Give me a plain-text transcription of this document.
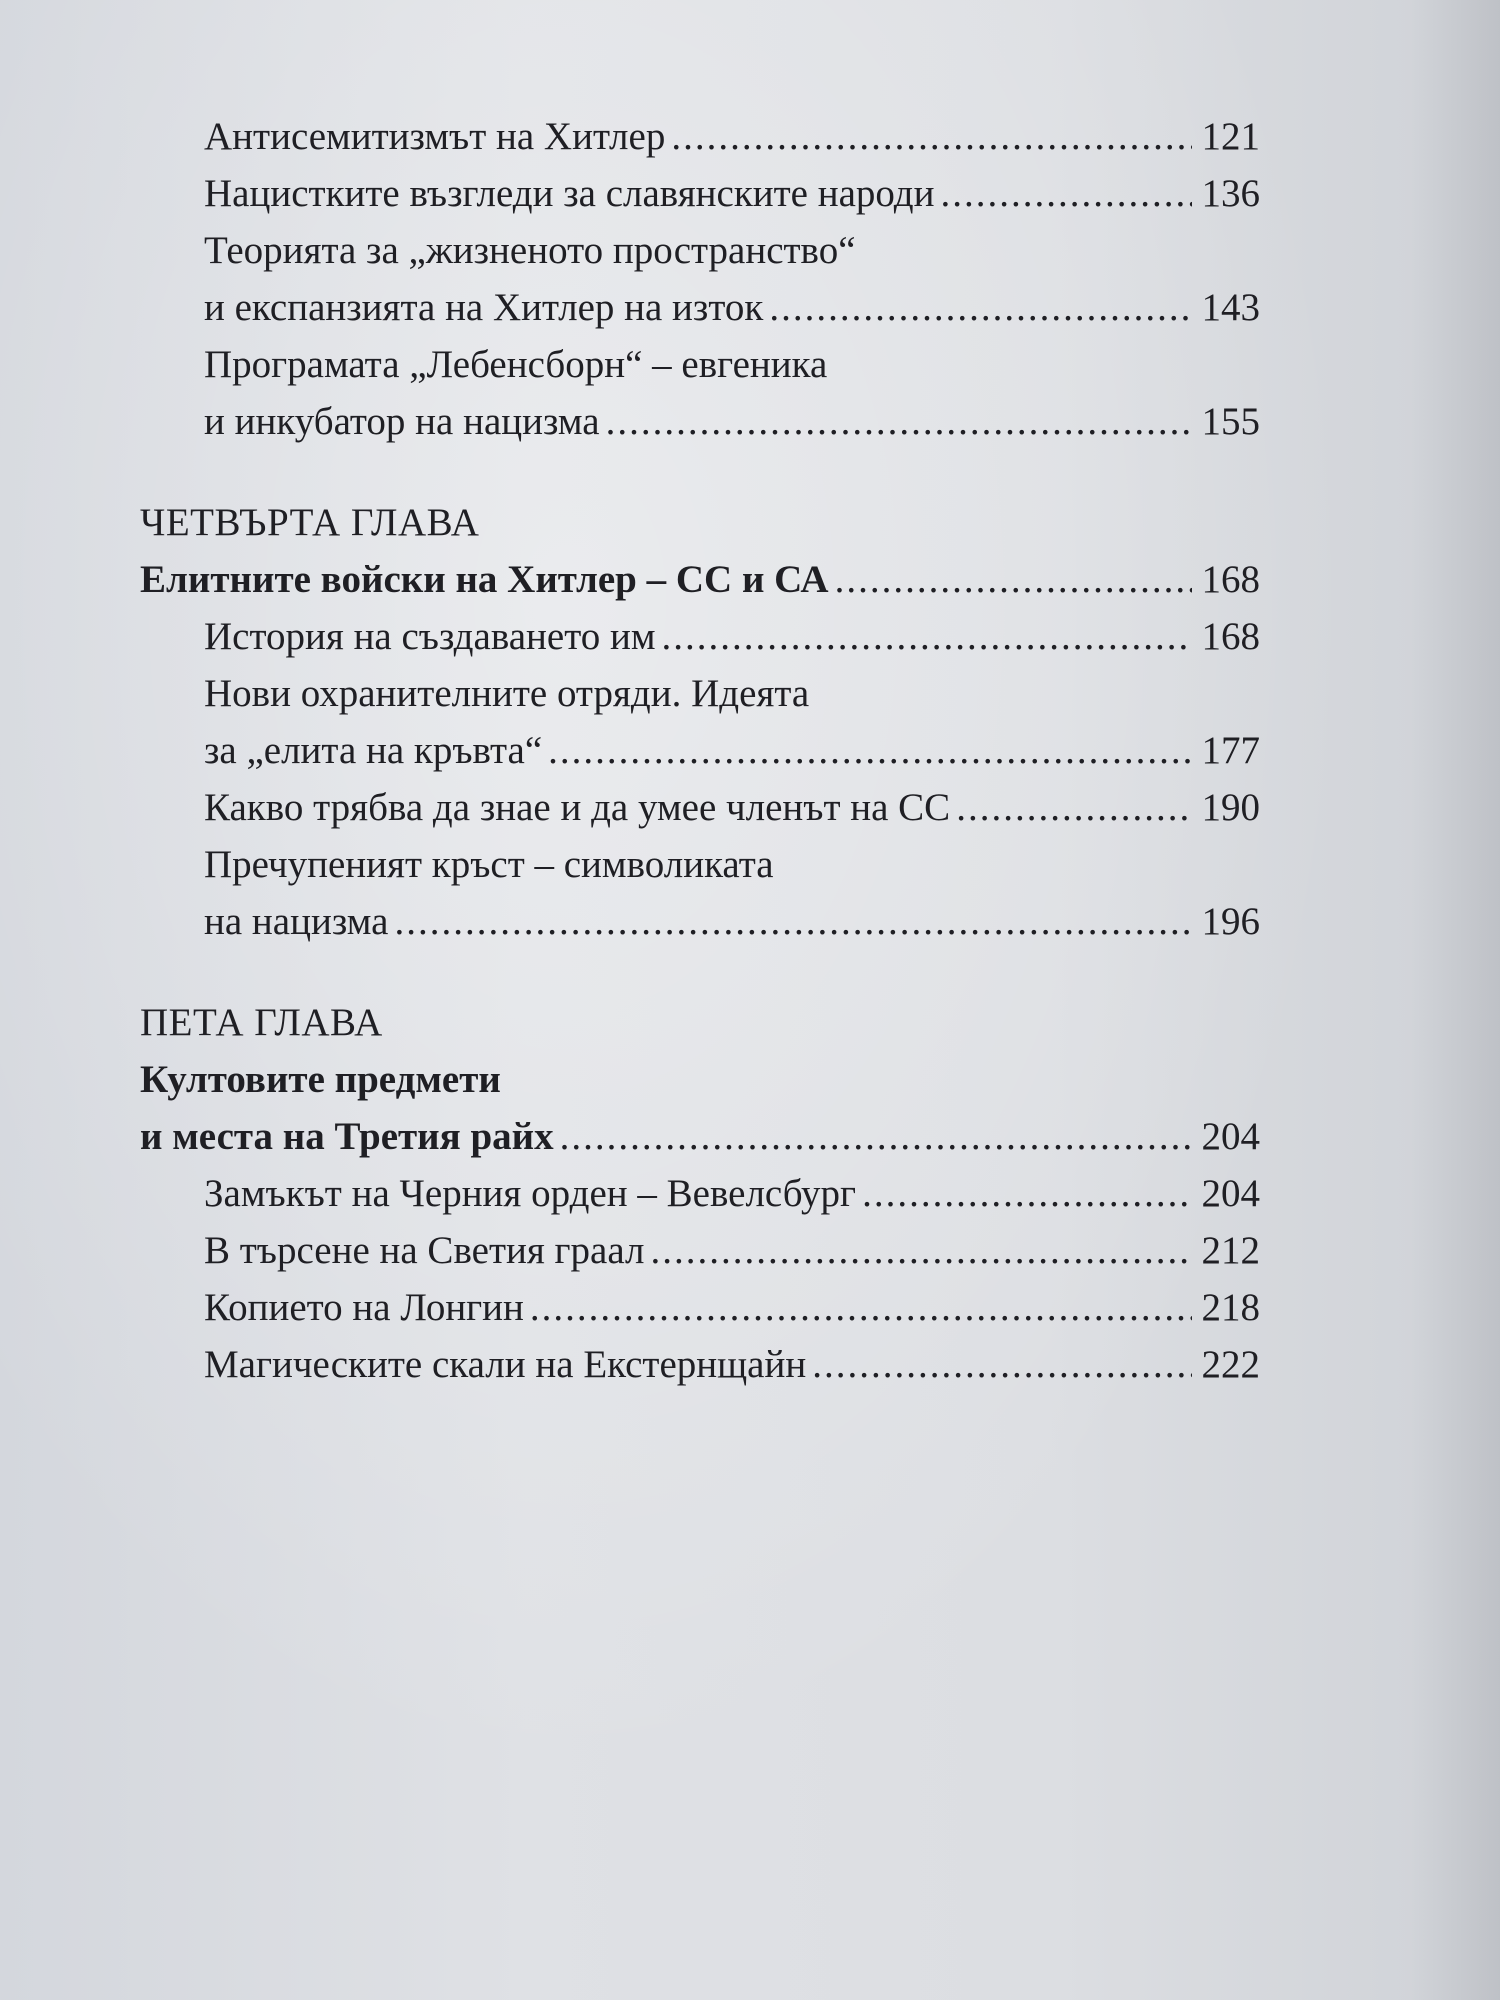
Антисемитизмът на Хитлер .....	121
Нацистките възгледи за славянските народи .....	136
Теорията за „жизненото пространство“
и експанзията на Хитлер на изток .....	143
Програмата „Лебенсборн“ – евгеника
и инкубатор на нацизма .....	155
ЧЕТВЪРТА ГЛАВА
Елитните войски на Хитлер – СС и СА .....	168
История на създаването им .....	168
Нови охранителните отряди. Идеята
за „елита на кръвта“ .....	177
Какво трябва да знае и да умее членът на СС .....	190
Пречупеният кръст – символиката
на нацизма .....	196
ПЕТА ГЛАВА
Култовите предмети
и места на Третия райх .....	204
Замъкът на Черния орден – Вевелсбург .....	204
В търсене на Светия граал .....	212
Копието на Лонгин .....	218
Магическите скали на Екстернщайн .....	222
